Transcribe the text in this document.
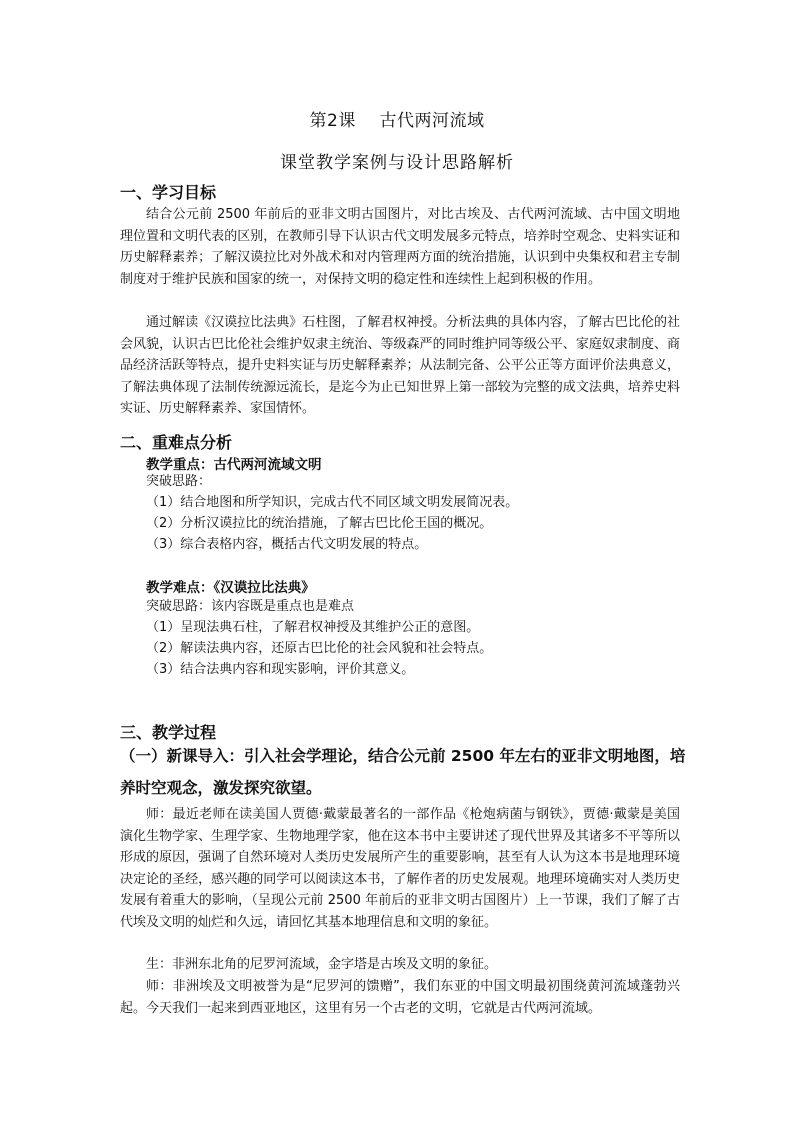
第2课    古代两河流域
课堂教学案例与设计思路解析
一、学习目标
结合公元前 2500 年前后的亚非文明古国图片，对比古埃及、古代两河流域、古中国文明地理位置和文明代表的区别，在教师引导下认识古代文明发展多元特点，培养时空观念、史料实证和历史解释素养；了解汉谟拉比对外战术和对内管理两方面的统治措施，认识到中央集权和君主专制制度对于维护民族和国家的统一，对保持文明的稳定性和连续性上起到积极的作用。
通过解读《汉谟拉比法典》石柱图，了解君权神授。分析法典的具体内容，了解古巴比伦的社会风貌，认识古巴比伦社会维护奴隶主统治、等级森严的同时维护同等级公平、家庭奴隶制度、商品经济活跃等特点，提升史料实证与历史解释素养；从法制完备、公平公正等方面评价法典意义，了解法典体现了法制传统源远流长，是迄今为止已知世界上第一部较为完整的成文法典，培养史料实证、历史解释素养、家国情怀。
二、重难点分析
教学重点：古代两河流域文明
突破思路：
（1）结合地图和所学知识，完成古代不同区域文明发展简况表。
（2）分析汉谟拉比的统治措施，了解古巴比伦王国的概况。
（3）综合表格内容，概括古代文明发展的特点。
教学难点：《汉谟拉比法典》
突破思路：该内容既是重点也是难点
（1）呈现法典石柱，了解君权神授及其维护公正的意图。
（2）解读法典内容，还原古巴比伦的社会风貌和社会特点。
（3）结合法典内容和现实影响，评价其意义。
三、教学过程
（一）新课导入：引入社会学理论，结合公元前 2500 年左右的亚非文明地图，培养时空观念，激发探究欲望。
师：最近老师在读美国人贾德·戴蒙最著名的一部作品《枪炮病菌与钢铁》，贾德·戴蒙是美国演化生物学家、生理学家、生物地理学家，他在这本书中主要讲述了现代世界及其诸多不平等所以形成的原因，强调了自然环境对人类历史发展所产生的重要影响，甚至有人认为这本书是地理环境决定论的圣经，感兴趣的同学可以阅读这本书，了解作者的历史发展观。地理环境确实对人类历史发展有着重大的影响，（呈现公元前 2500 年前后的亚非文明古国图片）上一节课，我们了解了古代埃及文明的灿烂和久远，请回忆其基本地理信息和文明的象征。
生：非洲东北角的尼罗河流域，金字塔是古埃及文明的象征。
师：非洲埃及文明被誉为是“尼罗河的馈赠”，我们东亚的中国文明最初围绕黄河流域蓬勃兴起。今天我们一起来到西亚地区，这里有另一个古老的文明，它就是古代两河流域。
